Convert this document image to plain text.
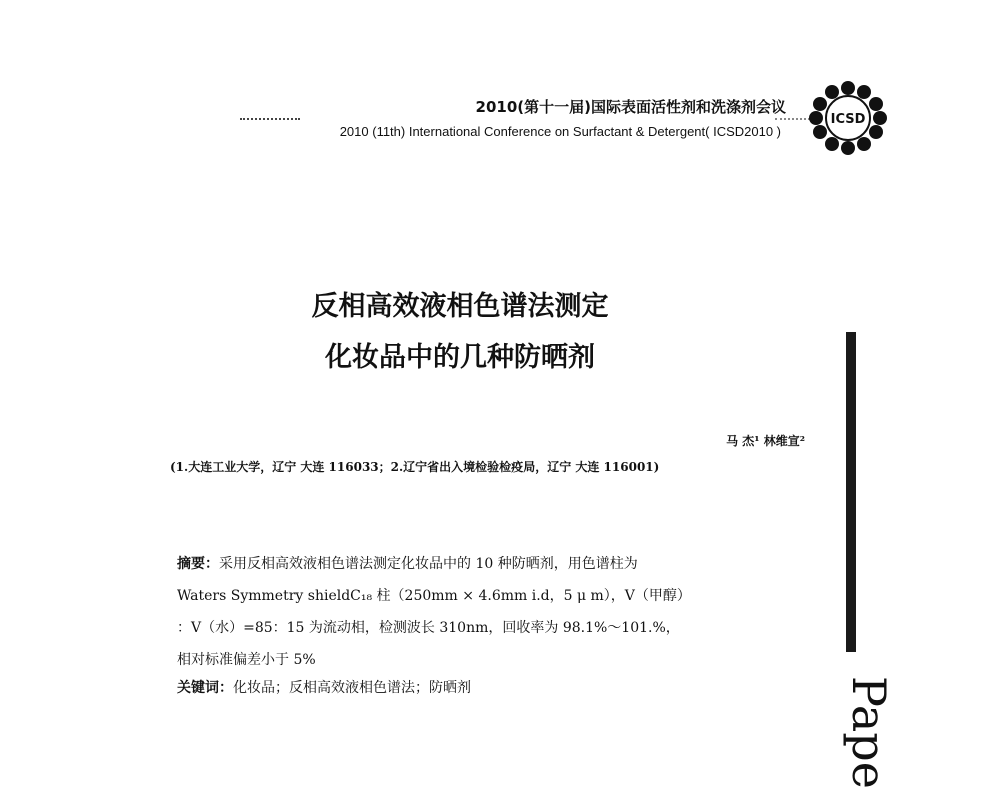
2010(第十一届)国际表面活性剂和洗涤剂会议
2010 (11th) International Conference on Surfactant & Detergent( ICSD2010 )
ICSD
反相高效液相色谱法测定
化妆品中的几种防晒剂
马 杰¹ 林维宣²
(1.大连工业大学，辽宁 大连 116033；2.辽宁省出入境检验检疫局，辽宁 大连 116001)
摘要：采用反相高效液相色谱法测定化妆品中的 10 种防晒剂，用色谱柱为
Waters Symmetry shieldC₁₈ 柱（250mm × 4.6mm i.d，5 μ m），V（甲醇）
：V（水）=85：15 为流动相，检测波长 310nm，回收率为 98.1%～101.%，
相对标准偏差小于 5%
关键词：化妆品；反相高效液相色谱法；防晒剂	Pape
